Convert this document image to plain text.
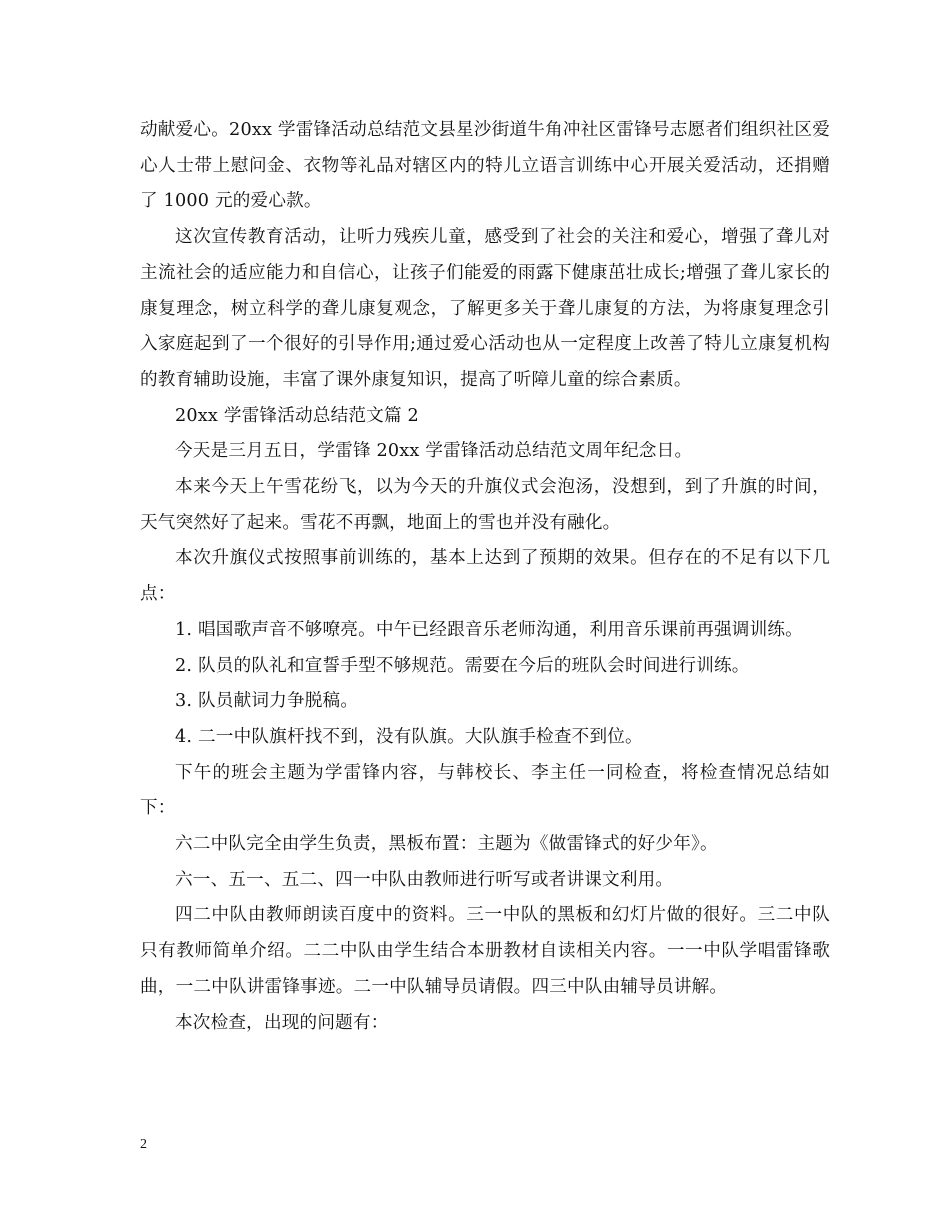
动献爱心。20xx 学雷锋活动总结范文县星沙街道牛角冲社区雷锋号志愿者们组织社区爱心人士带上慰问金、衣物等礼品对辖区内的特儿立语言训练中心开展关爱活动，还捐赠了 1000 元的爱心款。

这次宣传教育活动，让听力残疾儿童，感受到了社会的关注和爱心，增强了聋儿对主流社会的适应能力和自信心，让孩子们能爱的雨露下健康茁壮成长;增强了聋儿家长的康复理念，树立科学的聋儿康复观念，了解更多关于聋儿康复的方法，为将康复理念引入家庭起到了一个很好的引导作用;通过爱心活动也从一定程度上改善了特儿立康复机构的教育辅助设施，丰富了课外康复知识，提高了听障儿童的综合素质。

20xx 学雷锋活动总结范文篇 2

今天是三月五日，学雷锋 20xx 学雷锋活动总结范文周年纪念日。

本来今天上午雪花纷飞，以为今天的升旗仪式会泡汤，没想到，到了升旗的时间，天气突然好了起来。雪花不再飘，地面上的雪也并没有融化。

本次升旗仪式按照事前训练的，基本上达到了预期的效果。但存在的不足有以下几点：

1. 唱国歌声音不够嘹亮。中午已经跟音乐老师沟通，利用音乐课前再强调训练。

2. 队员的队礼和宣誓手型不够规范。需要在今后的班队会时间进行训练。

3. 队员献词力争脱稿。

4. 二一中队旗杆找不到，没有队旗。大队旗手检查不到位。

下午的班会主题为学雷锋内容，与韩校长、李主任一同检查，将检查情况总结如下：

六二中队完全由学生负责，黑板布置：主题为《做雷锋式的好少年》。

六一、五一、五二、四一中队由教师进行听写或者讲课文利用。

四二中队由教师朗读百度中的资料。三一中队的黑板和幻灯片做的很好。三二中队只有教师简单介绍。二二中队由学生结合本册教材自读相关内容。一一中队学唱雷锋歌曲，一二中队讲雷锋事迹。二一中队辅导员请假。四三中队由辅导员讲解。

本次检查，出现的问题有：

2
